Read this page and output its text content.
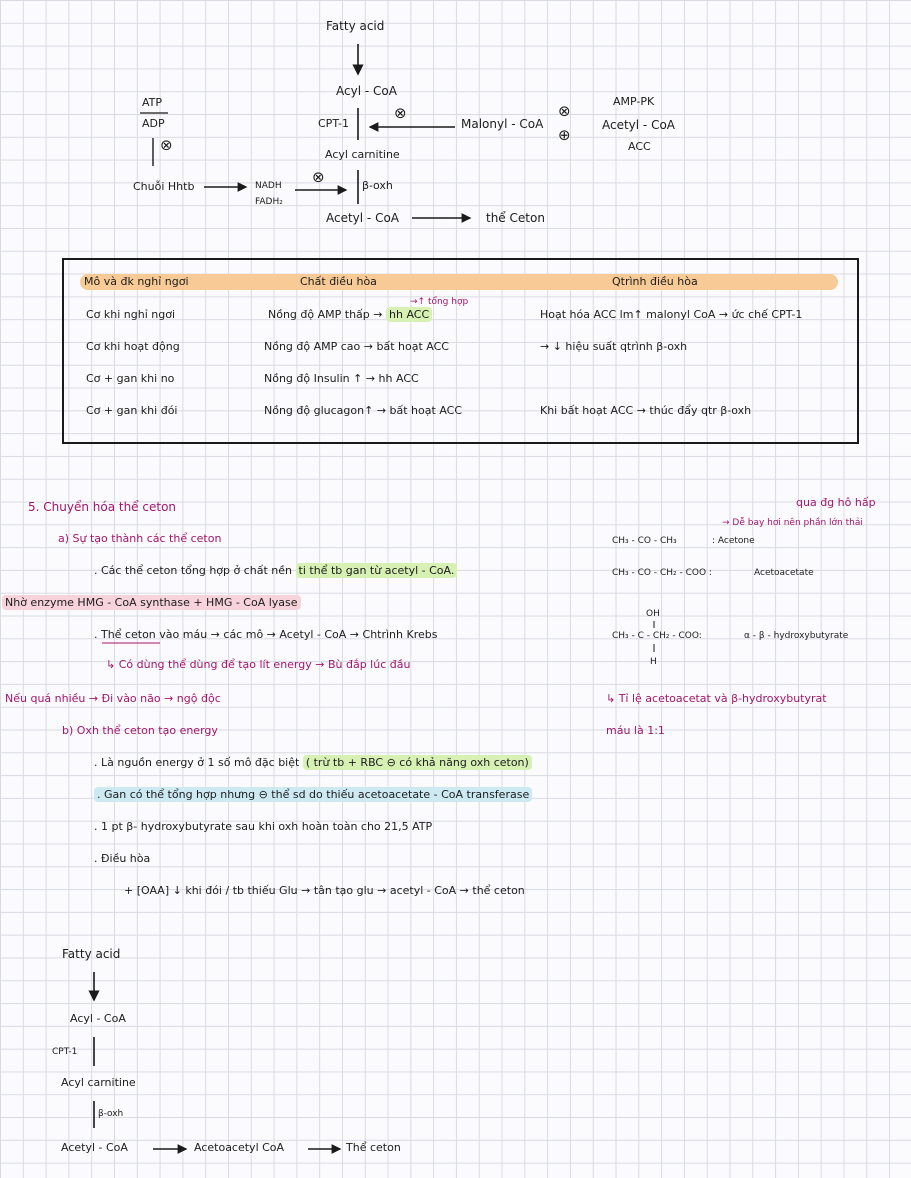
Fatty acid
Acyl - CoA
CPT-1
⊗
Malonyl - CoA
⊗
⊕
AMP-PK
Acetyl - CoA
ACC
Acyl carnitine
ATP
ADP
⊗
Chuỗi Hhtb	NADH
FADH₂
⊗	β-oxh
Acetyl - CoA	thể Ceton
Mô và đk nghỉ ngơi	Chất điều hòa	Qtrình điều hòa
→↑ tổng hợp
Cơ khi nghỉ ngơi	Nồng độ AMP thấp → hh ACC	Hoạt hóa ACC lm↑ malonyl CoA → ức chế CPT-1
Cơ khi hoạt động	Nồng độ AMP cao → bất hoạt ACC	→ ↓ hiệu suất qtrình β-oxh
Cơ + gan khi no	Nồng độ Insulin ↑ → hh ACC
Cơ + gan khi đói	Nồng độ glucagon↑ → bất hoạt ACC	Khi bất hoạt ACC → thúc đẩy qtr β-oxh
5. Chuyển hóa thể ceton
a) Sự tạo thành các thể ceton
. Các thể ceton tổng hợp ở chất nền ti thể tb gan từ acetyl - CoA.
Nhờ enzyme HMG - CoA synthase + HMG - CoA lyase
. Thể ceton vào máu → các mô → Acetyl - CoA → Chtrình Krebs
↳ Có dùng thể dùng để tạo lít energy → Bù đắp lúc đầu
Nếu quá nhiều → Đi vào não → ngộ độc
b) Oxh thể ceton tạo energy
. Là nguồn energy ở 1 số mô đặc biệt ( trừ tb + RBC ⊖ có khả năng oxh ceton)
. Gan có thể tổng hợp nhưng ⊖ thể sd do thiếu acetoacetate - CoA transferase
. 1 pt β- hydroxybutyrate sau khi oxh hoàn toàn cho 21,5 ATP
. Điều hòa
+ [OAA] ↓ khi đói / tb thiếu Glu → tân tạo glu → acetyl - CoA → thể ceton
qua đg hô hấp
→ Dễ bay hơi nên phần lớn thải
CH₃ - CO - CH₃	: Acetone
CH₃ - CO - CH₂ - COO :	Acetoacetate
OH
CH₃ - C - CH₂ - COO:	α - β - hydroxybutyrate
H
↳ Tỉ lệ acetoacetat và β-hydroxybutyrat
máu là 1:1
Fatty acid
Acyl - CoA
CPT-1
Acyl carnitine
β-oxh
Acetyl - CoA	Acetoacetyl CoA	Thể ceton
